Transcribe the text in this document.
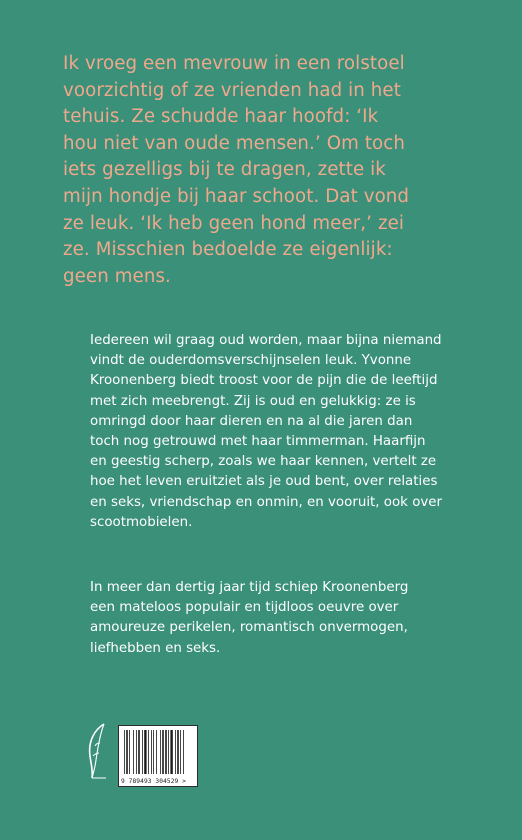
Ik vroeg een mevrouw in een rolstoel
voorzichtig of ze vrienden had in het
tehuis. Ze schudde haar hoofd: ‘Ik
hou niet van oude mensen.’ Om toch
iets gezelligs bij te dragen, zette ik
mijn hondje bij haar schoot. Dat vond
ze leuk. ‘Ik heb geen hond meer,’ zei
ze. Misschien bedoelde ze eigenlijk:
geen mens.

Iedereen wil graag oud worden, maar bijna niemand
vindt de ouderdomsverschijnselen leuk. Yvonne
Kroonenberg biedt troost voor de pijn die de leeftijd
met zich meebrengt. Zij is oud en gelukkig: ze is
omringd door haar dieren en na al die jaren dan
toch nog getrouwd met haar timmerman. Haarfijn
en geestig scherp, zoals we haar kennen, vertelt ze
hoe het leven eruitziet als je oud bent, over relaties
en seks, vriendschap en onmin, en vooruit, ook over
scootmobielen.

In meer dan dertig jaar tijd schiep Kroonenberg
een mateloos populair en tijdloos oeuvre over
amoureuze perikelen, romantisch onvermogen,
liefhebben en seks.

9 789493 304529 >
